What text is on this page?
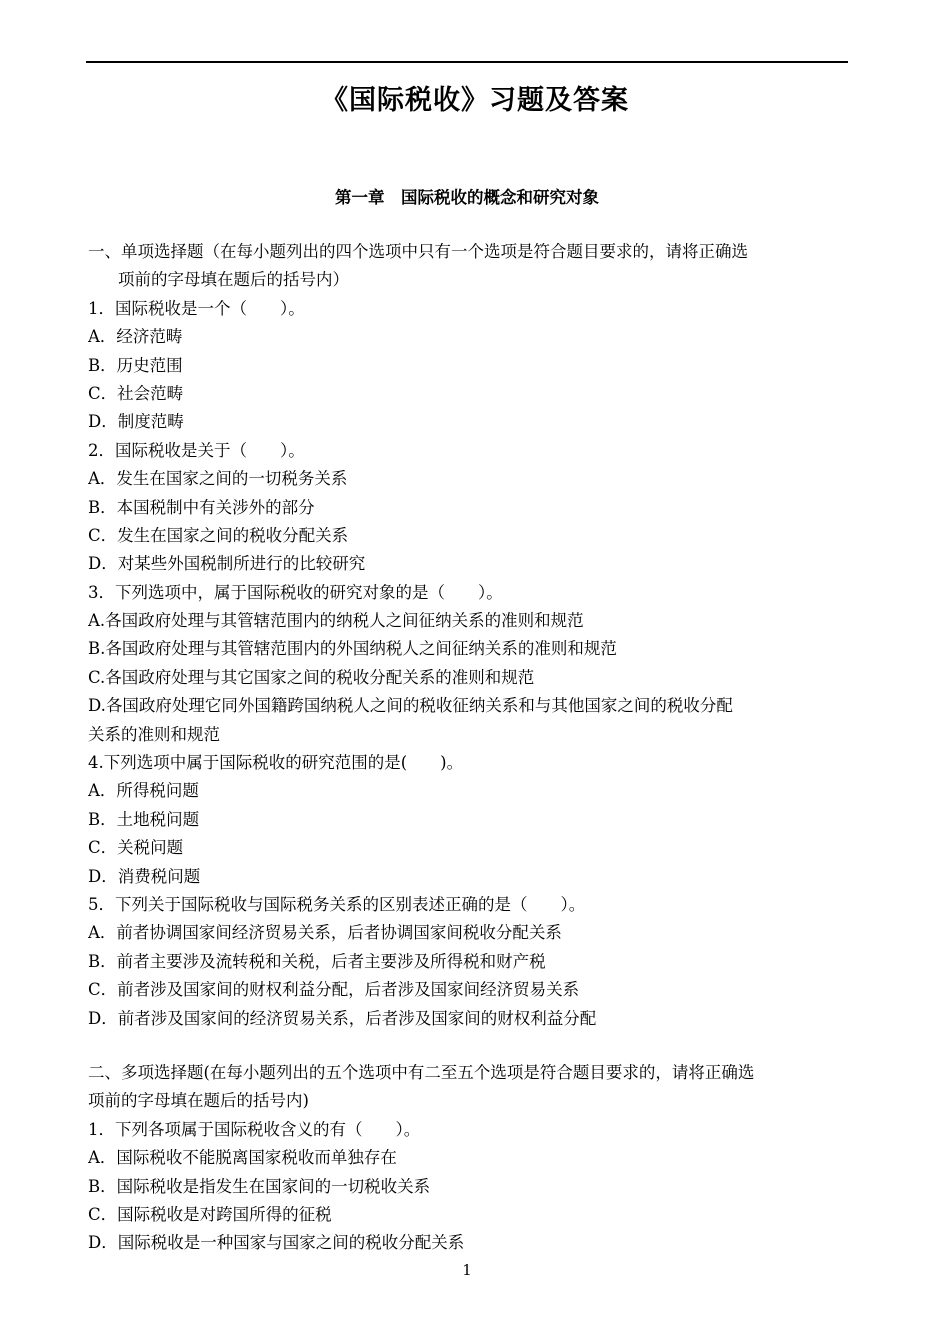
《国际税收》习题及答案
第一章　国际税收的概念和研究对象
一、单项选择题（在每小题列出的四个选项中只有一个选项是符合题目要求的，请将正确选
项前的字母填在题后的括号内）
1．国际税收是一个（　　）。
A．经济范畴
B．历史范围
C．社会范畴
D．制度范畴
2．国际税收是关于（　　）。
A．发生在国家之间的一切税务关系
B．本国税制中有关涉外的部分
C．发生在国家之间的税收分配关系
D．对某些外国税制所进行的比较研究
3．下列选项中，属于国际税收的研究对象的是（　　）。
A.各国政府处理与其管辖范围内的纳税人之间征纳关系的准则和规范
B.各国政府处理与其管辖范围内的外国纳税人之间征纳关系的准则和规范
C.各国政府处理与其它国家之间的税收分配关系的准则和规范
D.各国政府处理它同外国籍跨国纳税人之间的税收征纳关系和与其他国家之间的税收分配
关系的准则和规范
4.下列选项中属于国际税收的研究范围的是(　　)。
A．所得税问题
B．土地税问题
C．关税问题
D．消费税问题
5．下列关于国际税收与国际税务关系的区别表述正确的是（　　）。
A．前者协调国家间经济贸易关系，后者协调国家间税收分配关系
B．前者主要涉及流转税和关税，后者主要涉及所得税和财产税
C．前者涉及国家间的财权利益分配，后者涉及国家间经济贸易关系
D．前者涉及国家间的经济贸易关系，后者涉及国家间的财权利益分配
二、多项选择题(在每小题列出的五个选项中有二至五个选项是符合题目要求的，请将正确选
项前的字母填在题后的括号内)
1．下列各项属于国际税收含义的有（　　）。
A．国际税收不能脱离国家税收而单独存在
B．国际税收是指发生在国家间的一切税收关系
C．国际税收是对跨国所得的征税
D．国际税收是一种国家与国家之间的税收分配关系
1
